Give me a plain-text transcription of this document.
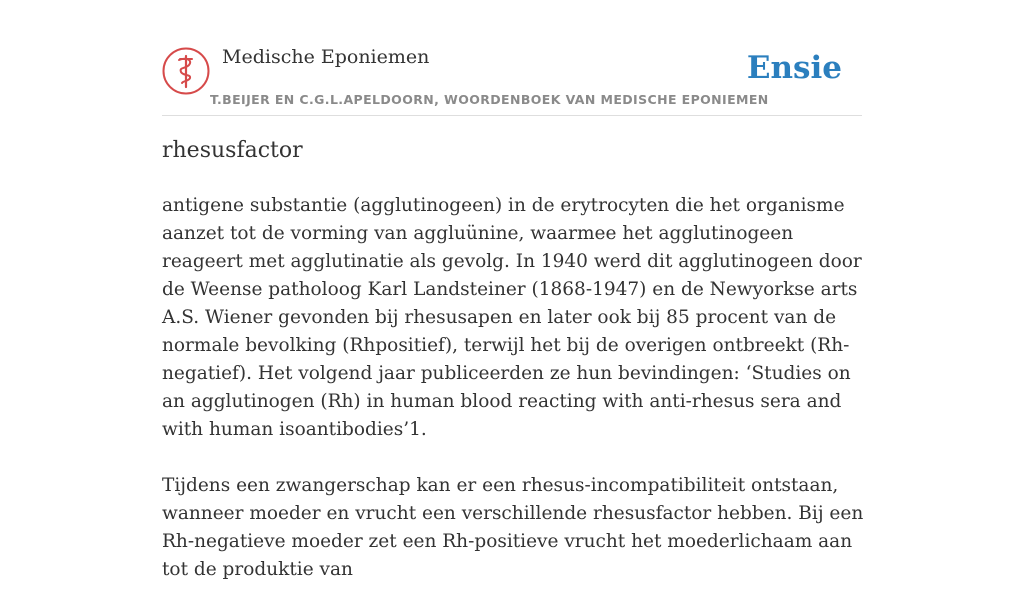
Medische Eponiemen
T.BEIJER EN C.G.L.APELDOORN, WOORDENBOEK VAN MEDISCHE EPONIEMEN
Ensie
rhesusfactor

antigene substantie (agglutinogeen) in de erytrocyten die het organisme aanzet tot de vorming van aggluünine, waarmee het agglutinogeen reageert met agglutinatie als gevolg. In 1940 werd dit agglutinogeen door de Weense patholoog Karl Landsteiner (1868-1947) en de Newyorkse arts A.S. Wiener gevonden bij rhesusapen en later ook bij 85 procent van de normale bevolking (Rhpositief), terwijl het bij de overigen ontbreekt (Rh-negatief). Het volgend jaar publiceerden ze hun bevindingen: ‘Studies on an agglutinogen (Rh) in human blood reacting with anti-rhesus sera and with human isoantibodies’1.

Tijdens een zwangerschap kan er een rhesus-incompatibiliteit ontstaan, wanneer moeder en vrucht een verschillende rhesusfactor hebben. Bij een Rh-negatieve moeder zet een Rh-positieve vrucht het moederlichaam aan tot de produktie van
